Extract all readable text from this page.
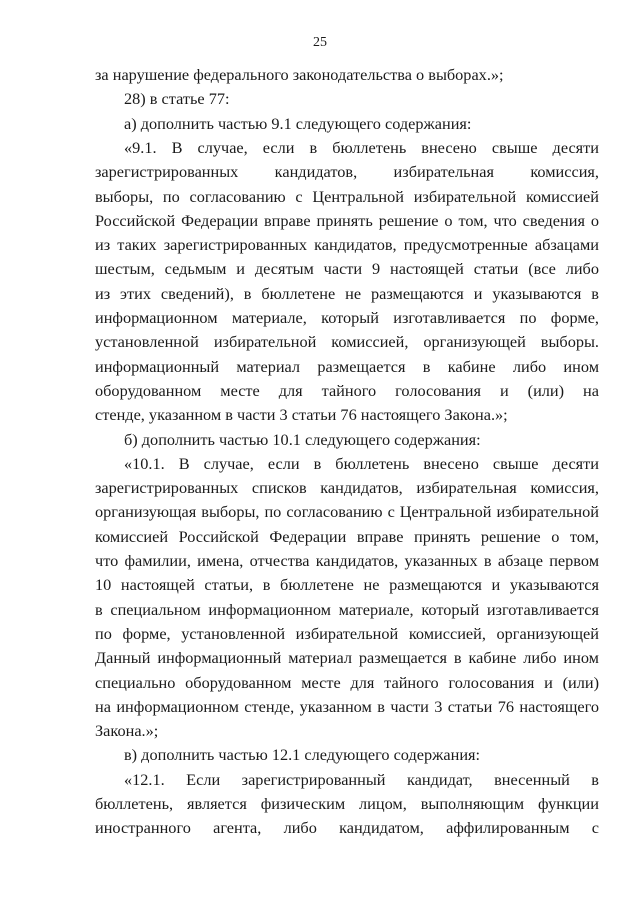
25
за нарушение федерального законодательства о выборах.»;
28) в статье 77:
а) дополнить частью 9.1 следующего содержания:
«9.1. В случае, если в бюллетень внесено свыше десяти
зарегистрированных кандидатов, избирательная комиссия,
выборы, по согласованию с Центральной избирательной комиссией
Российской Федерации вправе принять решение о том, что сведения о
из таких зарегистрированных кандидатов, предусмотренные абзацами
шестым, седьмым и десятым части 9 настоящей статьи (все либо
из этих сведений), в бюллетене не размещаются и указываются в
информационном материале, который изготавливается по форме,
установленной избирательной комиссией, организующей выборы.
информационный материал размещается в кабине либо ином
оборудованном месте для тайного голосования и (или) на
стенде, указанном в части 3 статьи 76 настоящего Закона.»;
б) дополнить частью 10.1 следующего содержания:
«10.1. В случае, если в бюллетень внесено свыше десяти
зарегистрированных списков кандидатов, избирательная комиссия,
организующая выборы, по согласованию с Центральной избирательной
комиссией Российской Федерации вправе принять решение о том,
что фамилии, имена, отчества кандидатов, указанных в абзаце первом
10 настоящей статьи, в бюллетене не размещаются и указываются
в специальном информационном материале, который изготавливается
по форме, установленной избирательной комиссией, организующей
Данный информационный материал размещается в кабине либо ином
специально оборудованном месте для тайного голосования и (или)
на информационном стенде, указанном в части 3 статьи 76 настоящего
Закона.»;
в) дополнить частью 12.1 следующего содержания:
«12.1. Если зарегистрированный кандидат, внесенный в
бюллетень, является физическим лицом, выполняющим функции
иностранного агента, либо кандидатом, аффилированным с
